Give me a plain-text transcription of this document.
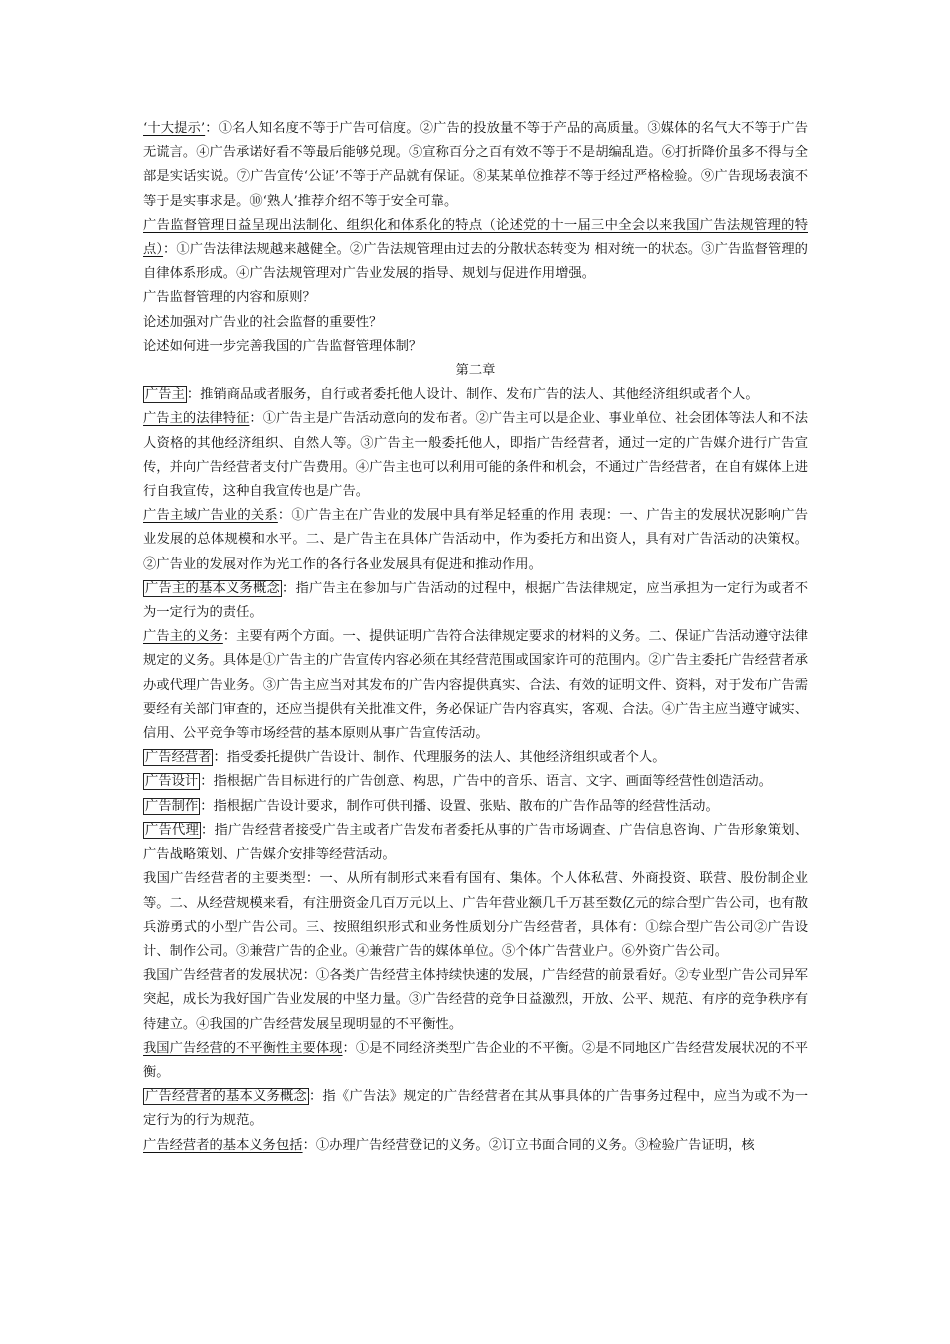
‘十大提示’：①名人知名度不等于广告可信度。②广告的投放量不等于产品的高质量。③媒体的名气大不等于广告无谎言。④广告承诺好看不等最后能够兑现。⑤宣称百分之百有效不等于不是胡编乱造。⑥打折降价虽多不得与全部是实话实说。⑦广告宣传‘公证’不等于产品就有保证。⑧某某单位推荐不等于经过严格检验。⑨广告现场表演不等于是实事求是。⑩‘熟人’推荐介绍不等于安全可靠。

广告监督管理日益呈现出法制化、组织化和体系化的特点（论述党的十一届三中全会以来我国广告法规管理的特点）：①广告法律法规越来越健全。②广告法规管理由过去的分散状态转变为 相对统一的状态。③广告监督管理的自律体系形成。④广告法规管理对广告业发展的指导、规划与促进作用增强。

广告监督管理的内容和原则？

论述加强对广告业的社会监督的重要性？

论述如何进一步完善我国的广告监督管理体制？

第二章

广告主 ：推销商品或者服务，自行或者委托他人设计、制作、发布广告的法人、其他经济组织或者个人。

广告主的法律特征：①广告主是广告活动意向的发布者。②广告主可以是企业、事业单位、社会团体等法人和不法人资格的其他经济组织、自然人等。③广告主一般委托他人，即指广告经营者，通过一定的广告媒介进行广告宣传，并向广告经营者支付广告费用。④广告主也可以利用可能的条件和机会，不通过广告经营者，在自有媒体上进行自我宣传，这种自我宣传也是广告。

广告主域广告业的关系：①广告主在广告业的发展中具有举足轻重的作用 表现：一、广告主的发展状况影响广告业发展的总体规模和水平。二、是广告主在具体广告活动中，作为委托方和出资人，具有对广告活动的决策权。 ②广告业的发展对作为光工作的各行各业发展具有促进和推动作用。

广告主的基本义务概念 ：指广告主在参加与广告活动的过程中，根据广告法律规定，应当承担为一定行为或者不为一定行为的责任。

广告主的义务：主要有两个方面。一、提供证明广告符合法律规定要求的材料的义务。二、保证广告活动遵守法律规定的义务。具体是①广告主的广告宣传内容必须在其经营范围或国家许可的范围内。②广告主委托广告经营者承办或代理广告业务。③广告主应当对其发布的广告内容提供真实、合法、有效的证明文件、资料，对于发布广告需要经有关部门审查的，还应当提供有关批准文件，务必保证广告内容真实，客观、合法。④广告主应当遵守诚实、信用、公平竞争等市场经营的基本原则从事广告宣传活动。

广告经营者 ：指受委托提供广告设计、制作、代理服务的法人、其他经济组织或者个人。

广告设计 ：指根据广告目标进行的广告创意、构思，广告中的音乐、语言、文字、画面等经营性创造活动。

广告制作 ：指根据广告设计要求，制作可供刊播、设置、张贴、散布的广告作品等的经营性活动。

广告代理 ：指广告经营者接受广告主或者广告发布者委托从事的广告市场调查、广告信息咨询、广告形象策划、广告战略策划、广告媒介安排等经营活动。

我国广告经营者的主要类型：一、从所有制形式来看有国有、集体。个人体私营、外商投资、联营、股份制企业等。二、从经营规模来看，有注册资金几百万元以上、广告年营业额几千万甚至数亿元的综合型广告公司，也有散兵游勇式的小型广告公司。三、按照组织形式和业务性质划分广告经营者，具体有：①综合型广告公司②广告设计、制作公司。③兼营广告的企业。④兼营广告的媒体单位。⑤个体广告营业户。⑥外资广告公司。

我国广告经营者的发展状况：①各类广告经营主体持续快速的发展，广告经营的前景看好。②专业型广告公司异军突起，成长为我好国广告业发展的中坚力量。③广告经营的竞争日益激烈，开放、公平、规范、有序的竞争秩序有待建立。④我国的广告经营发展呈现明显的不平衡性。

我国广告经营的不平衡性主要体现：①是不同经济类型广告企业的不平衡。②是不同地区广告经营发展状况的不平衡。

广告经营者的基本义务概念 ：指《广告法》规定的广告经营者在其从事具体的广告事务过程中，应当为或不为一定行为的行为规范。

广告经营者的基本义务包括：①办理广告经营登记的义务。②订立书面合同的义务。③检验广告证明，核
